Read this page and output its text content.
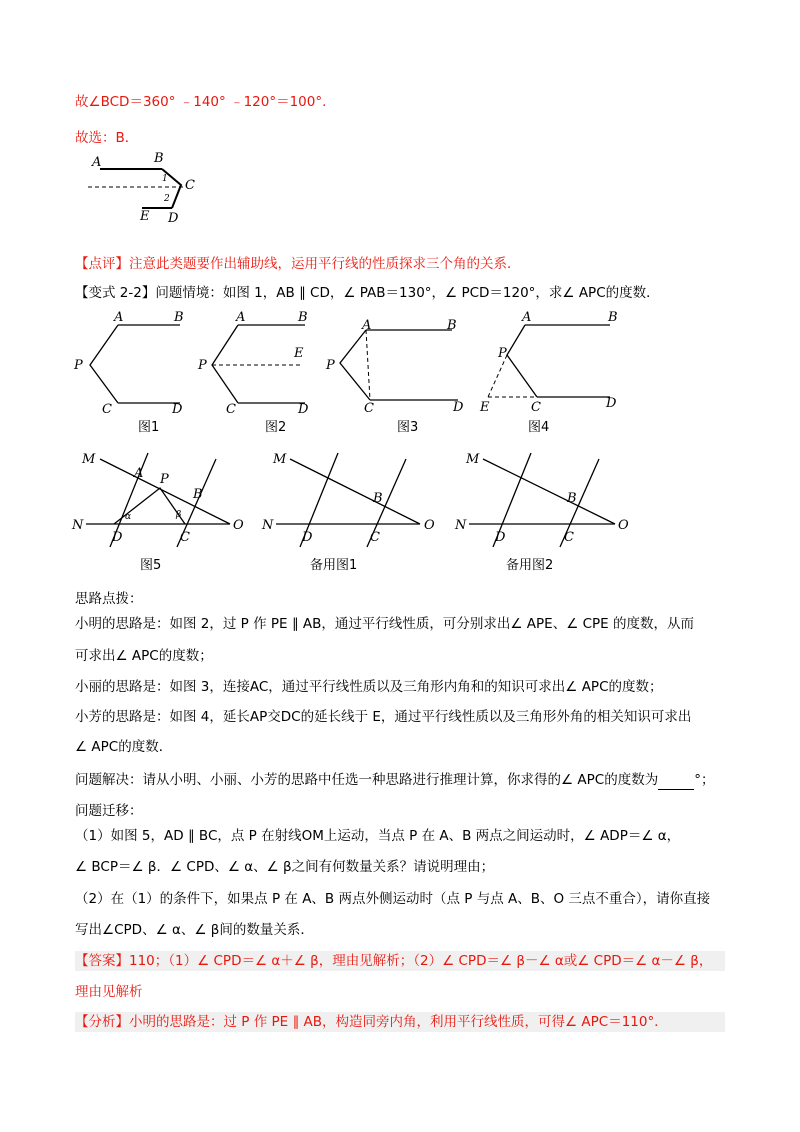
故∠BCD＝360° ﹣140° ﹣120°＝100°.
故选：B．
A	B
C
E D
1
2
【点评】注意此类题要作出辅助线，运用平行线的性质探求三个角的关系．
【变式 2-2】问题情境：如图 1，AB ∥ CD，∠ PAB＝130°，∠ PCD＝120°，求∠ APC的度数．
A	B
P
C	D
图1
A	B
P
E
C	D
图2
A	B
P
C	D
图3
A	B
P
E	C	D
图4
M
A P
B
N	O
D	C
α	β
图5
M
B
N	O
D	C
备用图1
M
B
N	O
D	C
备用图2
思路点拨：
小明的思路是：如图 2，过 P 作 PE ∥ AB，通过平行线性质，可分别求出∠ APE、∠ CPE 的度数，从而
可求出∠ APC的度数；
小丽的思路是：如图 3，连接AC，通过平行线性质以及三角形内角和的知识可求出∠ APC的度数；
小芳的思路是：如图 4，延长AP交DC的延长线于 E，通过平行线性质以及三角形外角的相关知识可求出
∠ APC的度数．
问题解决：请从小明、小丽、小芳的思路中任选一种思路进行推理计算，你求得的∠ APC的度数为	°；
问题迁移：
（1）如图 5，AD ∥ BC，点 P 在射线OM上运动，当点 P 在 A、B 两点之间运动时，∠ ADP＝∠ α，
∠ BCP＝∠ β．∠ CPD、∠ α、∠ β之间有何数量关系？请说明理由；
（2）在（1）的条件下，如果点 P 在 A、B 两点外侧运动时（点 P 与点 A、B、O 三点不重合），请你直接
写出∠CPD、∠ α、∠ β间的数量关系．
【答案】110；（1）∠ CPD＝∠ α＋∠ β，理由见解析；（2）∠ CPD＝∠ β－∠ α或∠ CPD＝∠ α－∠ β，
理由见解析
【分析】小明的思路是：过 P 作 PE ∥ AB，构造同旁内角，利用平行线性质，可得∠ APC＝110°．
